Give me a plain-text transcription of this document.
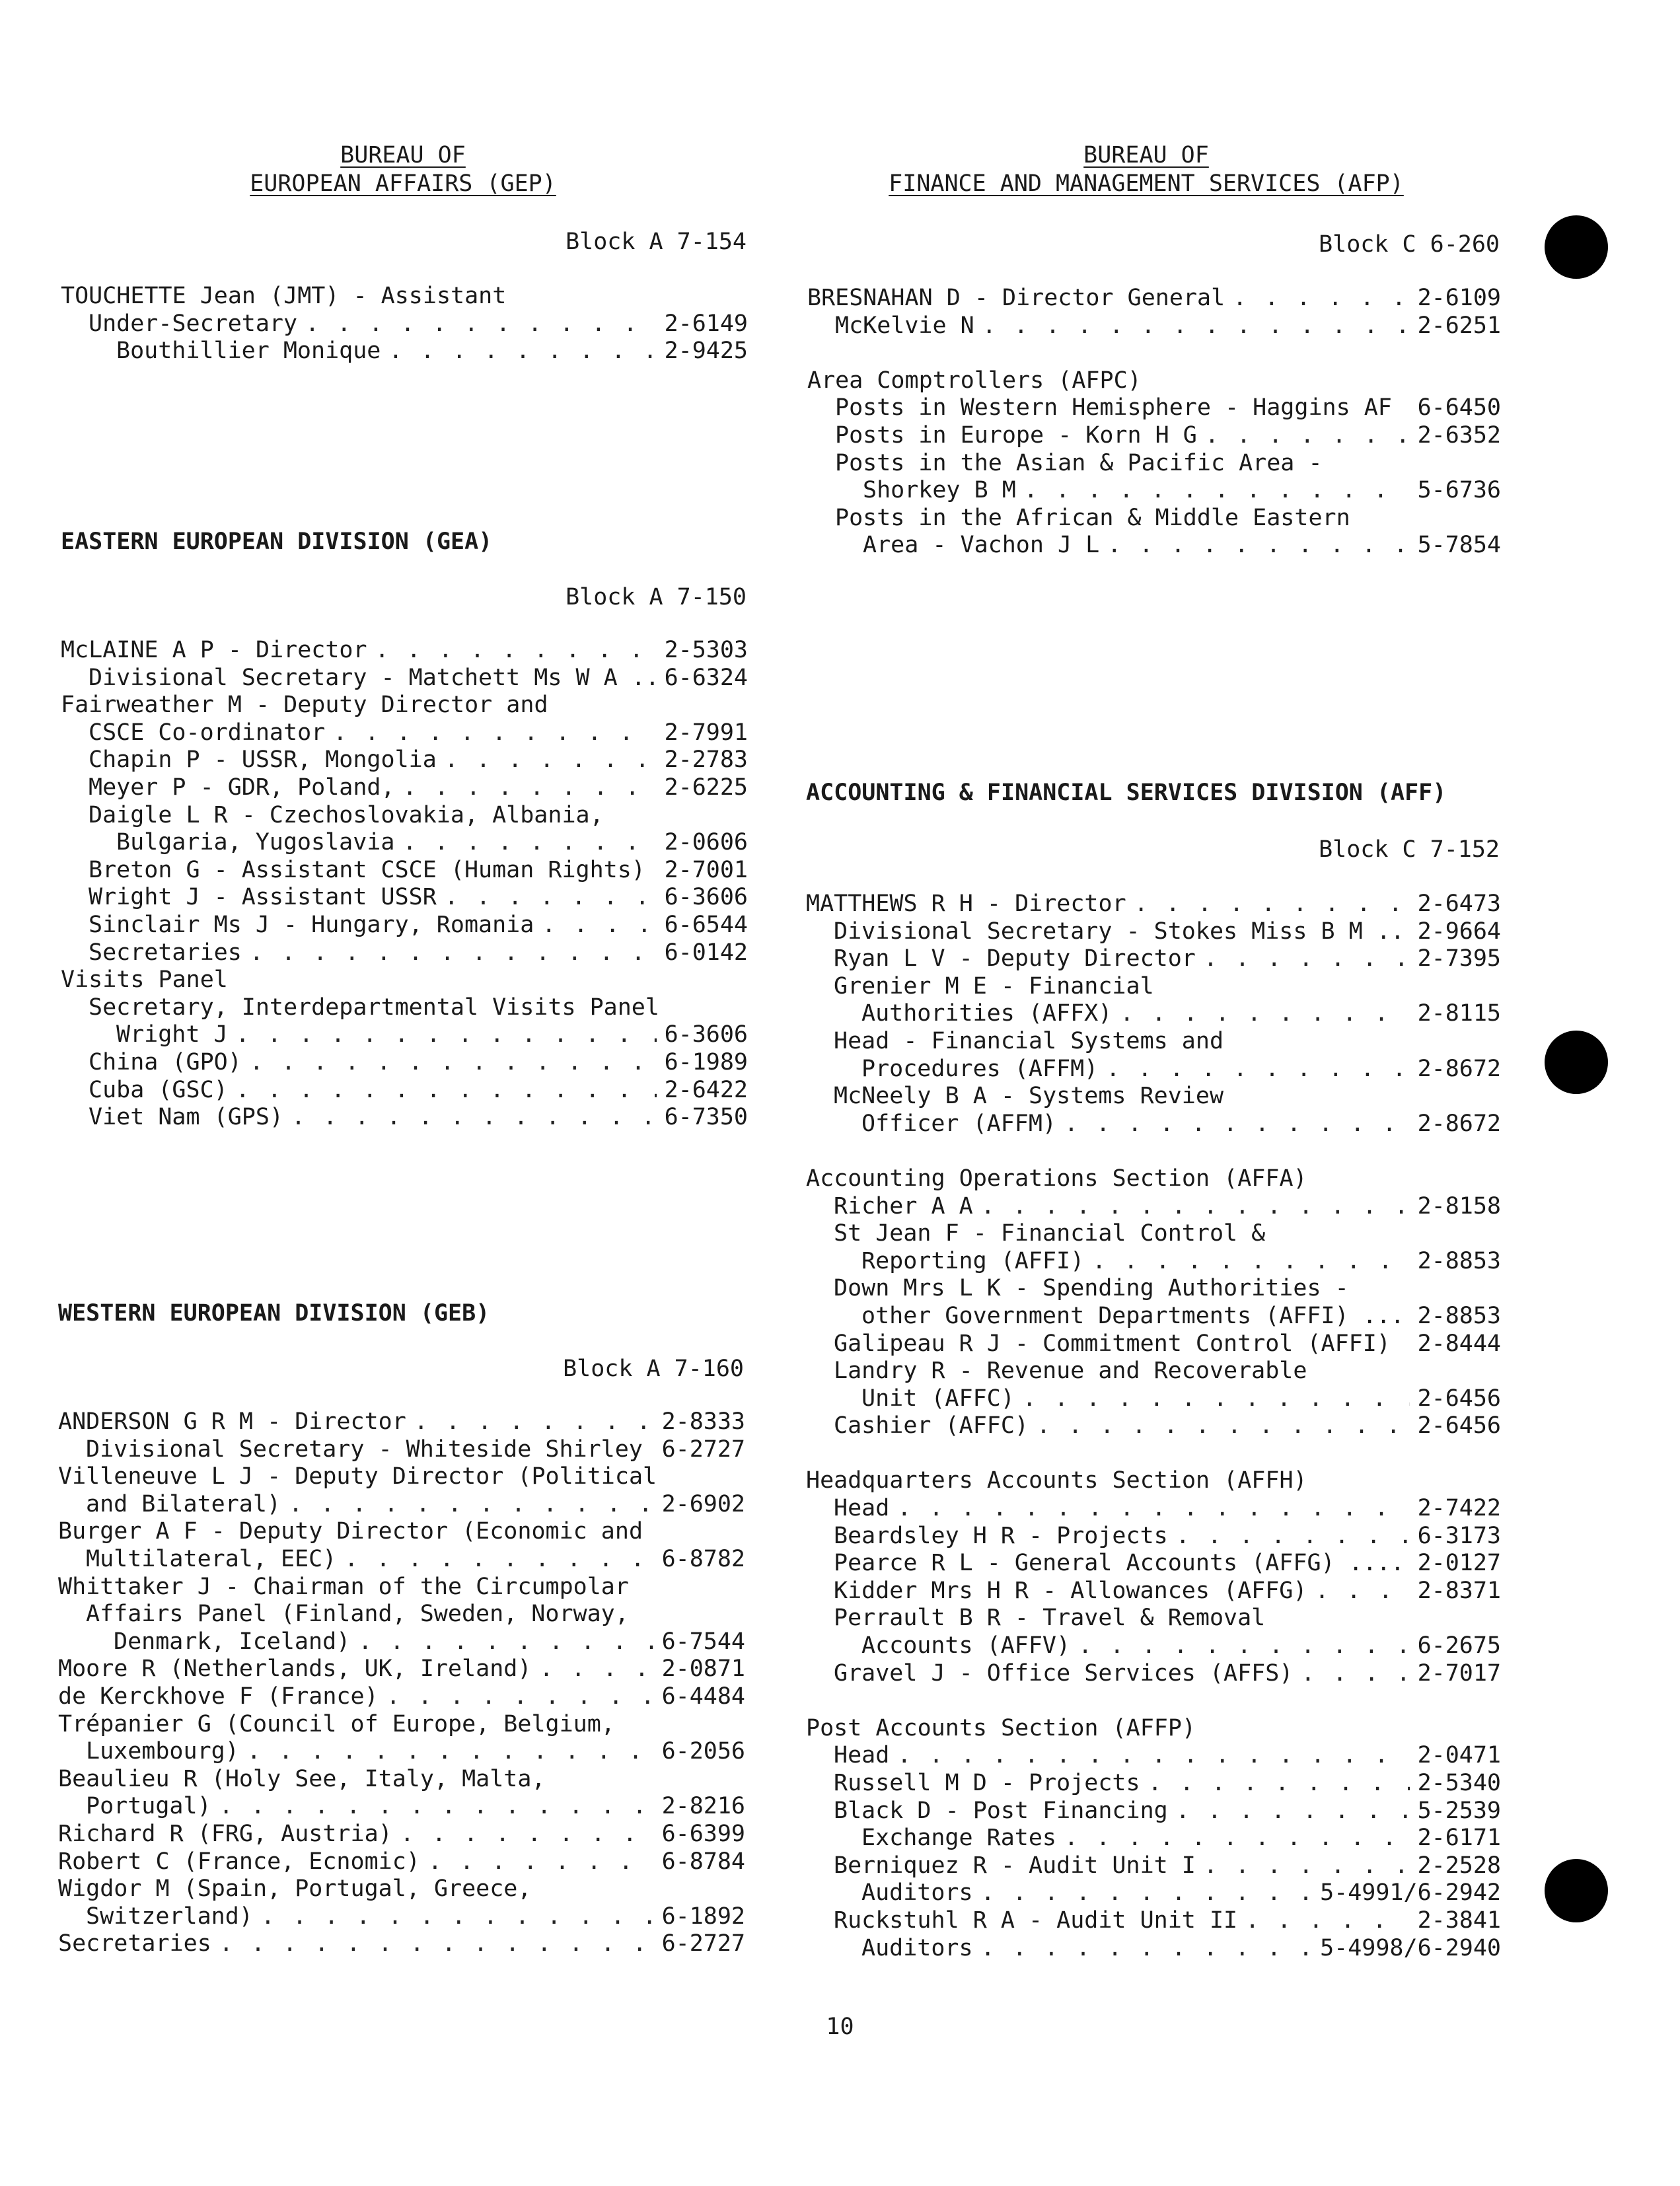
BUREAU OF
EUROPEAN AFFAIRS (GEP)
Block A 7-154
TOUCHETTE Jean (JMT) - Assistant
Under-Secretary . . .	2-6149
Bouthillier Monique . . .	2-9425
EASTERN EUROPEAN DIVISION (GEA)
Block A 7-150
McLAINE A P - Director . . .	2-5303
Divisional Secretary - Matchett Ms W A .. 6-6324
Fairweather M - Deputy Director and
CSCE Co-ordinator . . .	2-7991
Chapin P - USSR, Mongolia . . .	2-2783
Meyer P - GDR, Poland, . . .	2-6225
Daigle L R - Czechoslovakia, Albania,
Bulgaria, Yugoslavia . . .	2-0606
Breton G - Assistant CSCE (Human Rights) 2-7001
Wright J - Assistant USSR . . .	6-3606
Sinclair Ms J - Hungary, Romania . . .	6-6544
Secretaries . . .	6-0142
Visits Panel
Secretary, Interdepartmental Visits Panel
Wright J . . .	6-3606
China (GPO) . . .	6-1989
Cuba (GSC) . . .	2-6422
Viet Nam (GPS) . . .	6-7350
WESTERN EUROPEAN DIVISION (GEB)
Block A 7-160
ANDERSON G R M - Director . . .	2-8333
Divisional Secretary - Whiteside Shirley 6-2727
Villeneuve L J - Deputy Director (Political
and Bilateral) . . .	2-6902
Burger A F - Deputy Director (Economic and
Multilateral, EEC) . . .	6-8782
Whittaker J - Chairman of the Circumpolar
Affairs Panel (Finland, Sweden, Norway,
Denmark, Iceland) . . .	6-7544
Moore R (Netherlands, UK, Ireland) . . .	2-0871
de Kerckhove F (France) . . .	6-4484
Trépanier G (Council of Europe, Belgium,
Luxembourg) . . .	6-2056
Beaulieu R (Holy See, Italy, Malta,
Portugal) . . .	2-8216
Richard R (FRG, Austria) . . .	6-6399
Robert C (France, Ecnomic) . . .	6-8784
Wigdor M (Spain, Portugal, Greece,
Switzerland) . . .	6-1892
Secretaries . . .	6-2727
BUREAU OF
FINANCE AND MANAGEMENT SERVICES (AFP)
Block C 6-260
BRESNAHAN D - Director General . . .	2-6109
McKelvie N . . .	2-6251
Area Comptrollers (AFPC)
Posts in Western Hemisphere - Haggins AF 6-6450
Posts in Europe - Korn H G . . .	2-6352
Posts in the Asian & Pacific Area -
Shorkey B M . . .	5-6736
Posts in the African & Middle Eastern
Area - Vachon J L . . .	5-7854
ACCOUNTING & FINANCIAL SERVICES DIVISION (AFF)
Block C 7-152
MATTHEWS R H - Director . . .	2-6473
Divisional Secretary - Stokes Miss B M .. 2-9664
Ryan L V - Deputy Director . . .	2-7395
Grenier M E - Financial
Authorities (AFFX) . . .	2-8115
Head - Financial Systems and
Procedures (AFFM) . . .	2-8672
McNeely B A - Systems Review
Officer (AFFM) . . .	2-8672
Accounting Operations Section (AFFA)
Richer A A . . .	2-8158
St Jean F - Financial Control &
Reporting (AFFI) . . .	2-8853
Down Mrs L K - Spending Authorities -
other Government Departments (AFFI) ... 2-8853
Galipeau R J - Commitment Control (AFFI) 2-8444
Landry R - Revenue and Recoverable
Unit (AFFC) . . .	2-6456
Cashier (AFFC) . . .	2-6456
Headquarters Accounts Section (AFFH)
Head . . .	2-7422
Beardsley H R - Projects . . .	6-3173
Pearce R L - General Accounts (AFFG) .... 2-0127
Kidder Mrs H R - Allowances (AFFG) . . .	2-8371
Perrault B R - Travel & Removal
Accounts (AFFV) . . .	6-2675
Gravel J - Office Services (AFFS) . . .	2-7017
Post Accounts Section (AFFP)
Head . . .	2-0471
Russell M D - Projects . . .	2-5340
Black D - Post Financing . . .	5-2539
Exchange Rates . . .	2-6171
Berniquez R - Audit Unit I . . .	2-2528
Auditors . . .	5-4991/6-2942
Ruckstuhl R A - Audit Unit II . . .	2-3841
Auditors . . .	5-4998/6-2940
10
